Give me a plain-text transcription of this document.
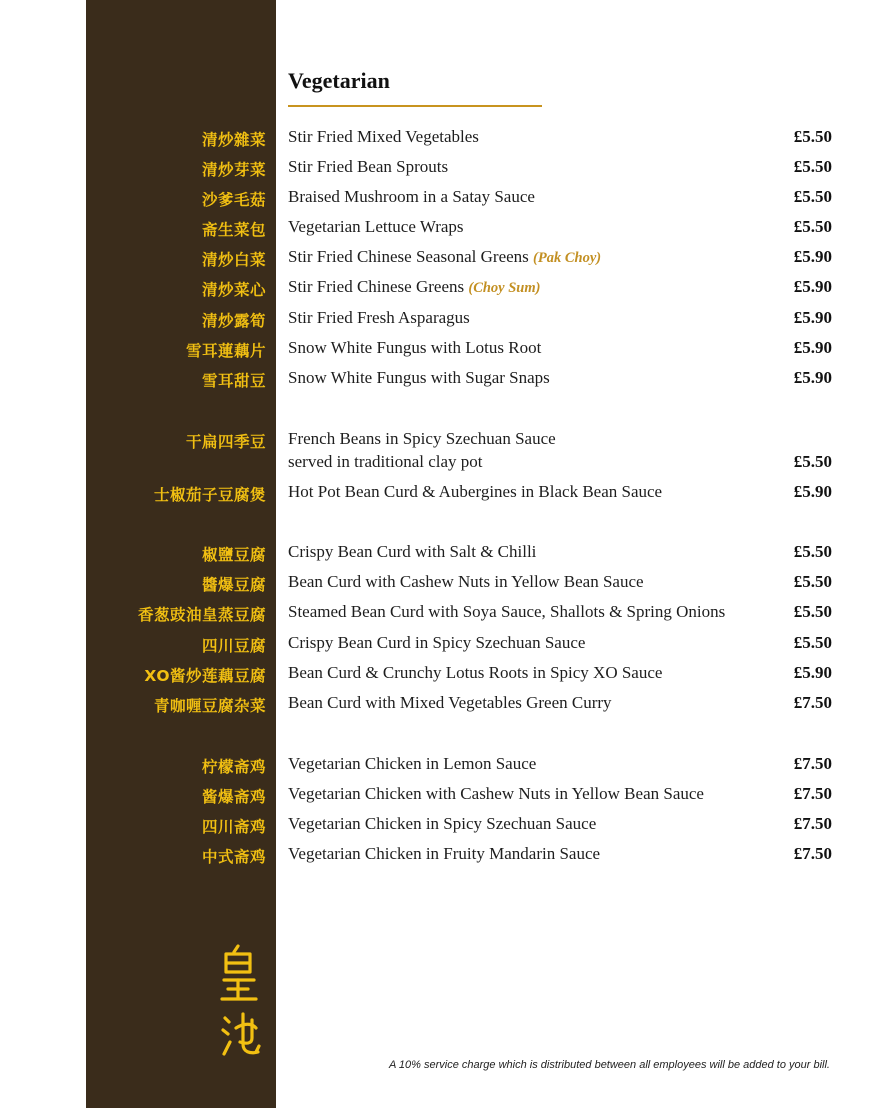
Vegetarian
清炒雜菜 Stir Fried Mixed Vegetables	£5.50
清炒芽菜 Stir Fried Bean Sprouts	£5.50
沙爹毛菇 Braised Mushroom in a Satay Sauce	£5.50
斋生菜包 Vegetarian Lettuce Wraps	£5.50
清炒白菜 Stir Fried Chinese Seasonal Greens (Pak Choy)	£5.90
清炒菜心 Stir Fried Chinese Greens (Choy Sum)	£5.90
清炒露筍 Stir Fried Fresh Asparagus	£5.90
雪耳蓮藕片 Snow White Fungus with Lotus Root	£5.90
雪耳甜豆 Snow White Fungus with Sugar Snaps	£5.90
干扁四季豆 French Beans in Spicy Szechuan Sauce
served in traditional clay pot	£5.50
士椒茄子豆腐煲 Hot Pot Bean Curd & Aubergines in Black Bean Sauce	£5.90
椒鹽豆腐 Crispy Bean Curd with Salt & Chilli	£5.50
醬爆豆腐 Bean Curd with Cashew Nuts in Yellow Bean Sauce	£5.50
香葱豉油皇蒸豆腐 Steamed Bean Curd with Soya Sauce, Shallots & Spring Onions	£5.50
四川豆腐 Crispy Bean Curd in Spicy Szechuan Sauce	£5.50
XO酱炒莲藕豆腐 Bean Curd & Crunchy Lotus Roots in Spicy XO Sauce	£5.90
青咖喱豆腐杂菜 Bean Curd with Mixed Vegetables Green Curry	£7.50
柠檬斋鸡 Vegetarian Chicken in Lemon Sauce	£7.50
酱爆斋鸡 Vegetarian Chicken with Cashew Nuts in Yellow Bean Sauce	£7.50
四川斋鸡 Vegetarian Chicken in Spicy Szechuan Sauce	£7.50
中式斋鸡 Vegetarian Chicken in Fruity Mandarin Sauce	£7.50
A 10% service charge which is distributed between all employees will be added to your bill.
